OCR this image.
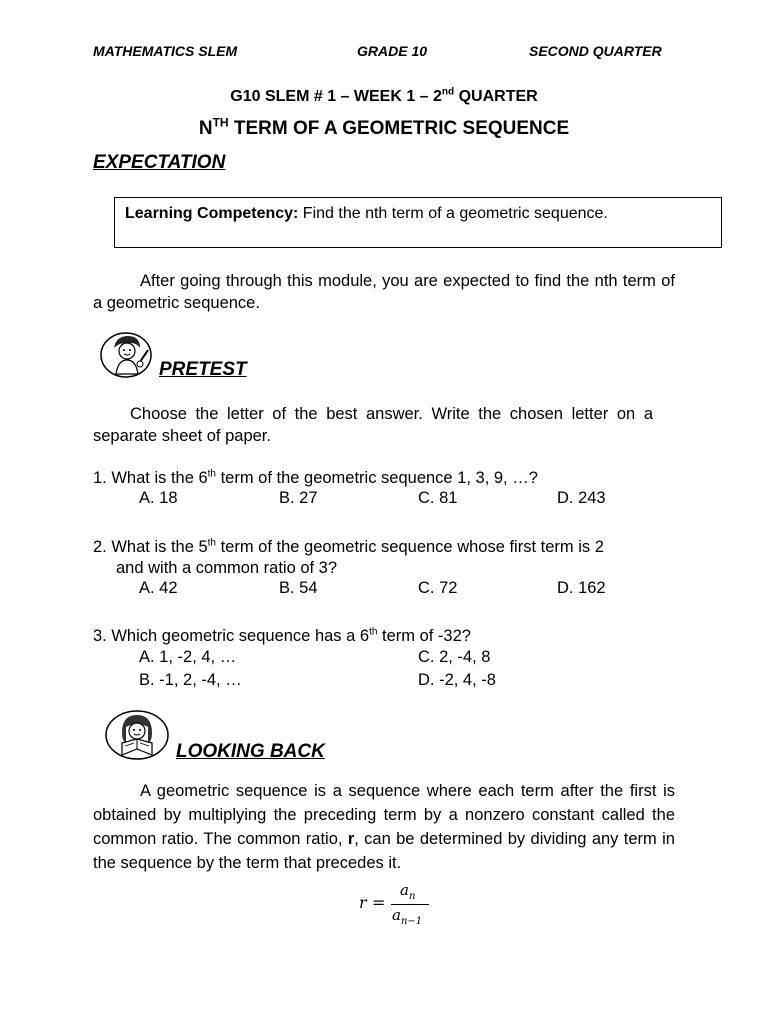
MATHEMATICS SLEM	GRADE 10	SECOND QUARTER
G10 SLEM # 1 – WEEK 1 – 2nd QUARTER
$N^{TH}$ TERM OF A GEOMETRIC SEQUENCE
EXPECTATION
Learning Competency: Find the nth term of a geometric sequence.
After going through this module, you are expected to find the nth term of a geometric sequence.
PRETEST
Choose the letter of the best answer. Write the chosen letter on a separate sheet of paper.
1. What is the 6th term of the geometric sequence 1, 3, 9, …?
A. 18	B. 27	C. 81	D. 243
2. What is the 5th term of the geometric sequence whose first term is 2
and with a common ratio of 3?
A. 42	B. 54	C. 72	D. 162
3. Which geometric sequence has a 6th term of -32?
A. 1, -2, 4, …	C. 2, -4, 8
B. -1, 2, -4, …	D. -2, 4, -8
LOOKING BACK
A geometric sequence is a sequence where each term after the first is obtained by multiplying the preceding term by a nonzero constant called the common ratio. The common ratio, r, can be determined by dividing any term in the sequence by the term that precedes it.
r =
$a_n$
$a_{n-1}$
